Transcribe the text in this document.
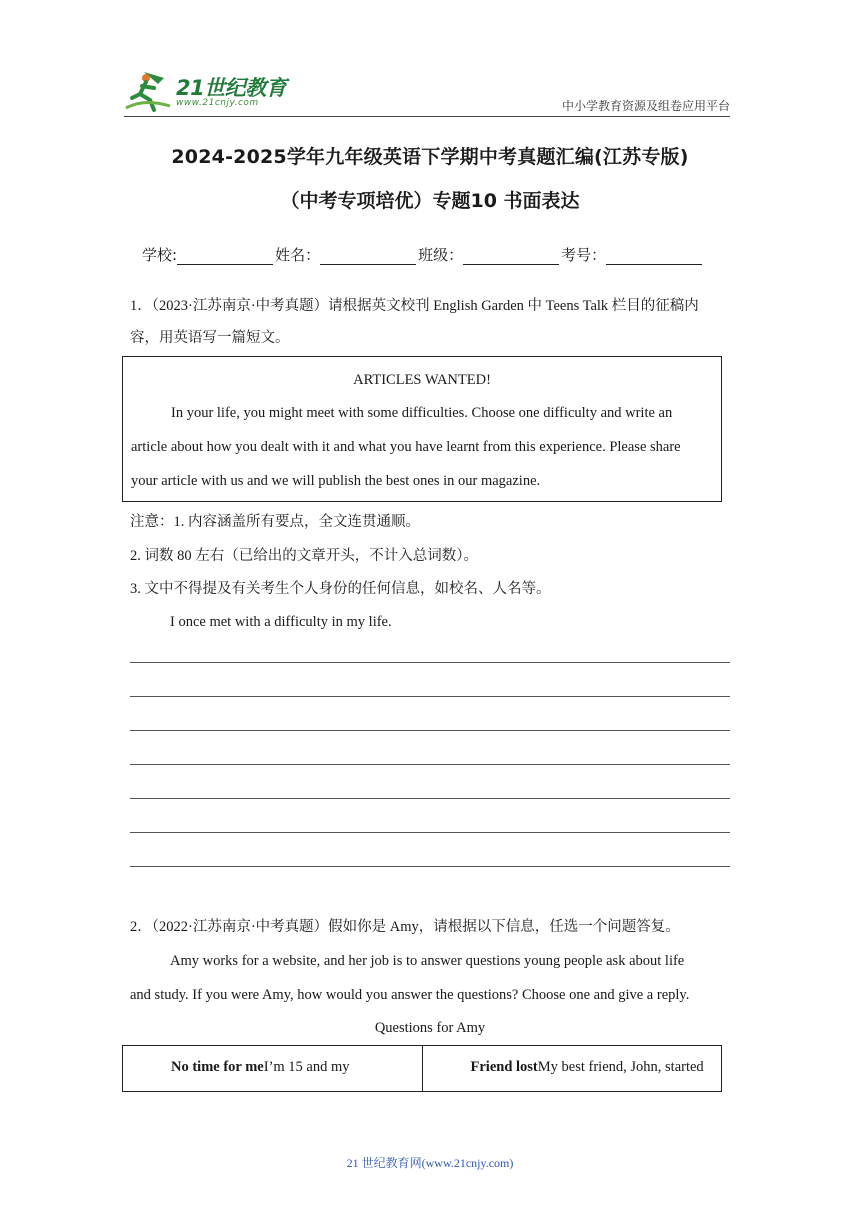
21世纪教育
www.21cnjy.com	中小学教育资源及组卷应用平台
2024-2025学年九年级英语下学期中考真题汇编(江苏专版)
（中考专项培优）专题10 书面表达
学校:	姓名：	班级：	考号：
1．（2023·江苏南京·中考真题）请根据英文校刊 English Garden 中 Teens Talk 栏目的征稿内
容，用英语写一篇短文。
ARTICLES WANTED!
In your life, you might meet with some difficulties. Choose one difficulty and write an
article about how you dealt with it and what you have learnt from this experience. Please share
your article with us and we will publish the best ones in our magazine.
注意：1. 内容涵盖所有要点，全文连贯通顺。
2. 词数 80 左右（已给出的文章开头，不计入总词数）。
3. 文中不得提及有关考生个人身份的任何信息，如校名、人名等。
I once met with a difficulty in my life.
2．（2022·江苏南京·中考真题）假如你是 Amy，请根据以下信息，任选一个问题答复。
Amy works for a website, and her job is to answer questions young people ask about life
and study. If you were Amy, how would you answer the questions? Choose one and give a reply.
Questions for Amy
No time for meI’m 15 and my	Friend lostMy best friend, John, started
21 世纪教育网(www.21cnjy.com)
